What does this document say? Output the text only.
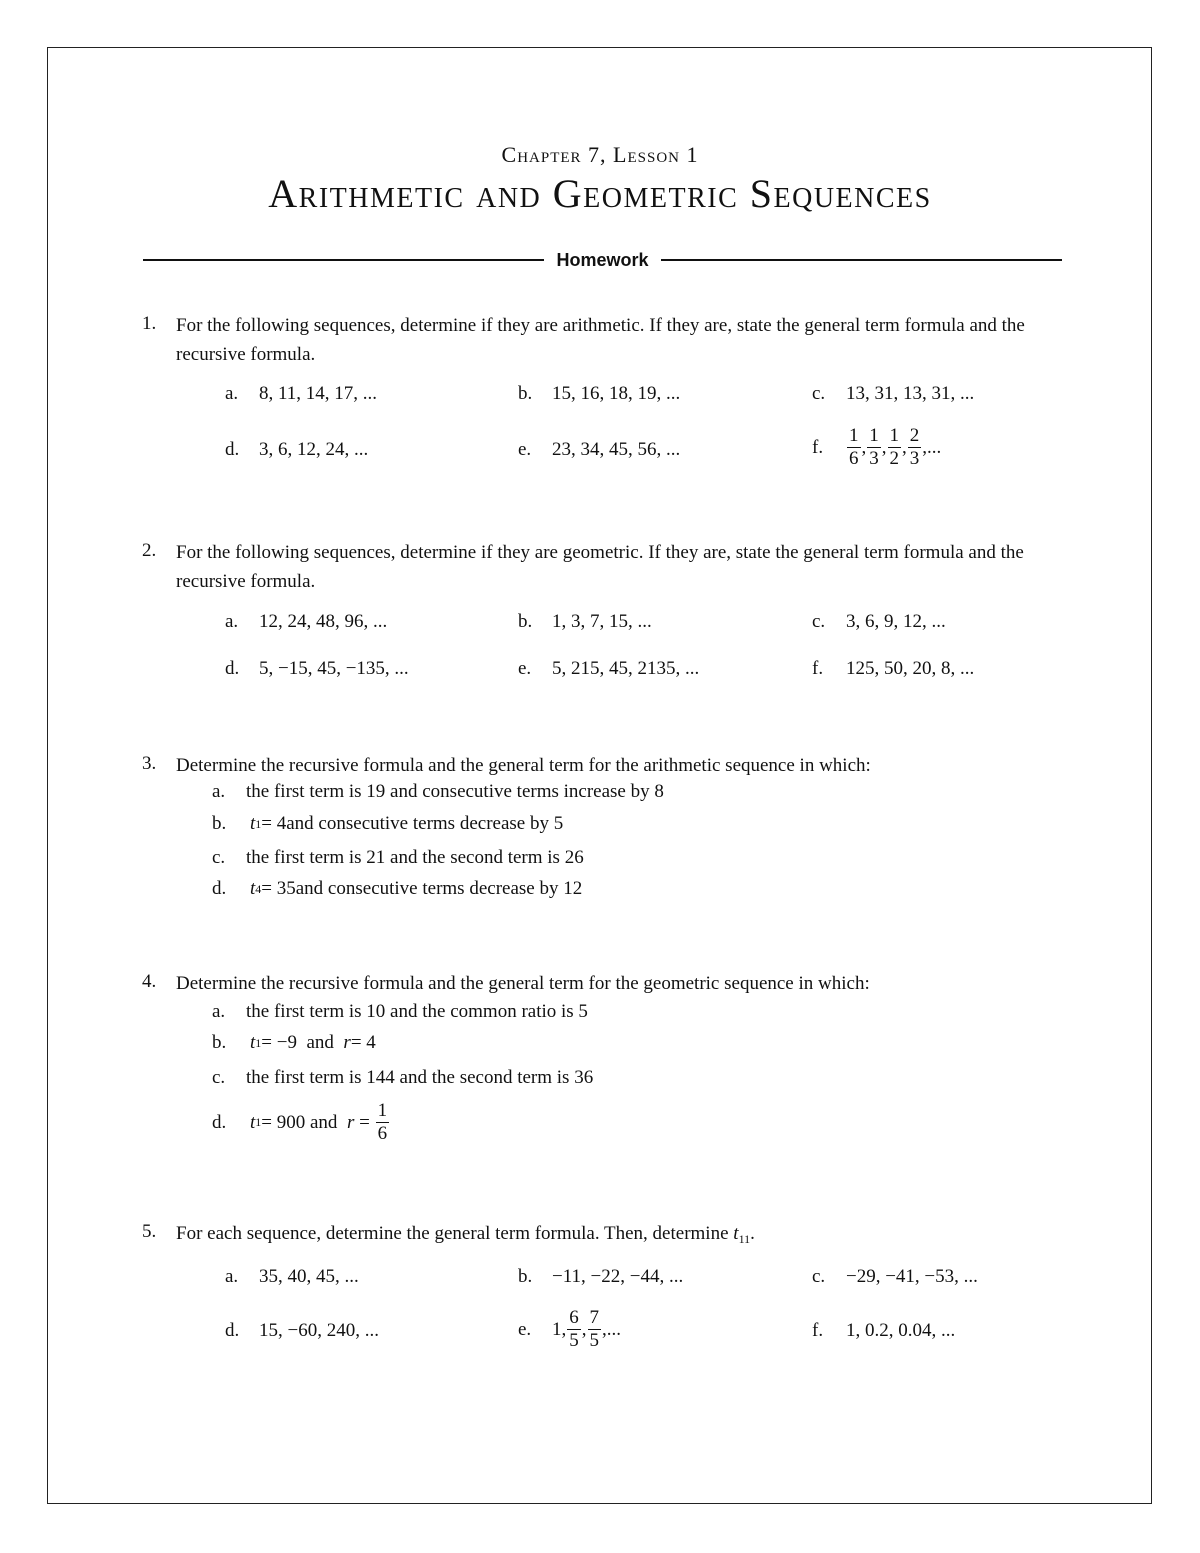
Chapter 7, Lesson 1
Arithmetic and Geometric Sequences
Homework
1. For the following sequences, determine if they are arithmetic. If they are, state the general term formula and the recursive formula.
a.	8, 11, 14, 17, ...	b.	15, 16, 18, 19, ...	c.	13, 31, 13, 31, ...
d.	3, 6, 12, 24, ...	e.	23, 34, 45, 56, ...	f.	$\frac{1}{6}$ , $\frac{1}{3}$ , $\frac{1}{2}$ , $\frac{2}{3}$ ,...
2. For the following sequences, determine if they are geometric. If they are, state the general term formula and the recursive formula.
a.	12, 24, 48, 96, ...	b.	1, 3, 7, 15, ...	c.	3, 6, 9, 12, ...
d.	5, −15, 45, −135, ...	e.	5, 215, 45, 2135, ...	f.	125, 50, 20, 8, ...
3. Determine the recursive formula and the general term for the arithmetic sequence in which:
a.	the first term is 19 and consecutive terms increase by 8
b.	t 1 = 4 and consecutive terms decrease by 5
c.	the first term is 21 and the second term is 26
d.	t 4 = 35 and consecutive terms decrease by 12
4. Determine the recursive formula and the general term for the geometric sequence in which:
a.	the first term is 10 and the common ratio is 5
b.	t 1 = −9 and r = 4
c.	the first term is 144 and the second term is 36
d.	t 1 = 900 and $r = \frac{1}{6}$
5. For each sequence, determine the general term formula. Then, determine $t_{11}$.
a.	35, 40, 45, ...	b.	−11, −22, −44, ...	c.	−29, −41, −53, ...
d.	15, −60, 240, ...	e.	1, $\frac{6}{5}$ , $\frac{7}{5}$ ,...	f.	1, 0.2, 0.04, ...
